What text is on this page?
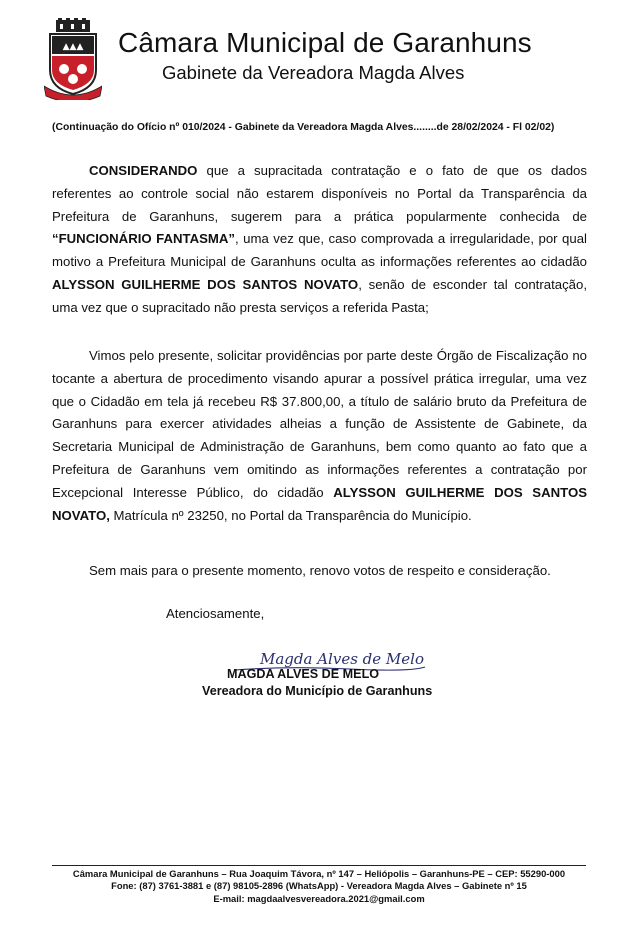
▲▲▲ Câmara Municipal de Garanhuns
Gabinete da Vereadora Magda Alves
(Continuação do Ofício nº 010/2024 - Gabinete da Vereadora Magda Alves........de 28/02/2024 - Fl 02/02)
CONSIDERANDO que a supracitada contratação e o fato de que os dados referentes ao controle social não estarem disponíveis no Portal da Transparência da Prefeitura de Garanhuns, sugerem para a prática popularmente conhecida de “FUNCIONÁRIO FANTASMA”, uma vez que, caso comprovada a irregularidade, por qual motivo a Prefeitura Municipal de Garanhuns oculta as informações referentes ao cidadão ALYSSON GUILHERME DOS SANTOS NOVATO, senão de esconder tal contratação, uma vez que o supracitado não presta serviços a referida Pasta;
Vimos pelo presente, solicitar providências por parte deste Órgão de Fiscalização no tocante a abertura de procedimento visando apurar a possível prática irregular, uma vez que o Cidadão em tela já recebeu R$ 37.800,00, a título de salário bruto da Prefeitura de Garanhuns para exercer atividades alheias a função de Assistente de Gabinete, da Secretaria Municipal de Administração de Garanhuns, bem como quanto ao fato que a Prefeitura de Garanhuns vem omitindo as informações referentes a contratação por Excepcional Interesse Público, do cidadão ALYSSON GUILHERME DOS SANTOS NOVATO, Matrícula nº 23250, no Portal da Transparência do Município.
Sem mais para o presente momento, renovo votos de respeito e consideração.
Atenciosamente,
Magda Alves de Melo
MAGDA ALVES DE MELO
Vereadora do Município de Garanhuns
Câmara Municipal de Garanhuns – Rua Joaquim Távora, nº 147 – Heliópolis – Garanhuns-PE – CEP: 55290-000
Fone: (87) 3761-3881 e (87) 98105-2896 (WhatsApp) - Vereadora Magda Alves – Gabinete nº 15
E-mail: magdaalvesvereadora.2021@gmail.com
